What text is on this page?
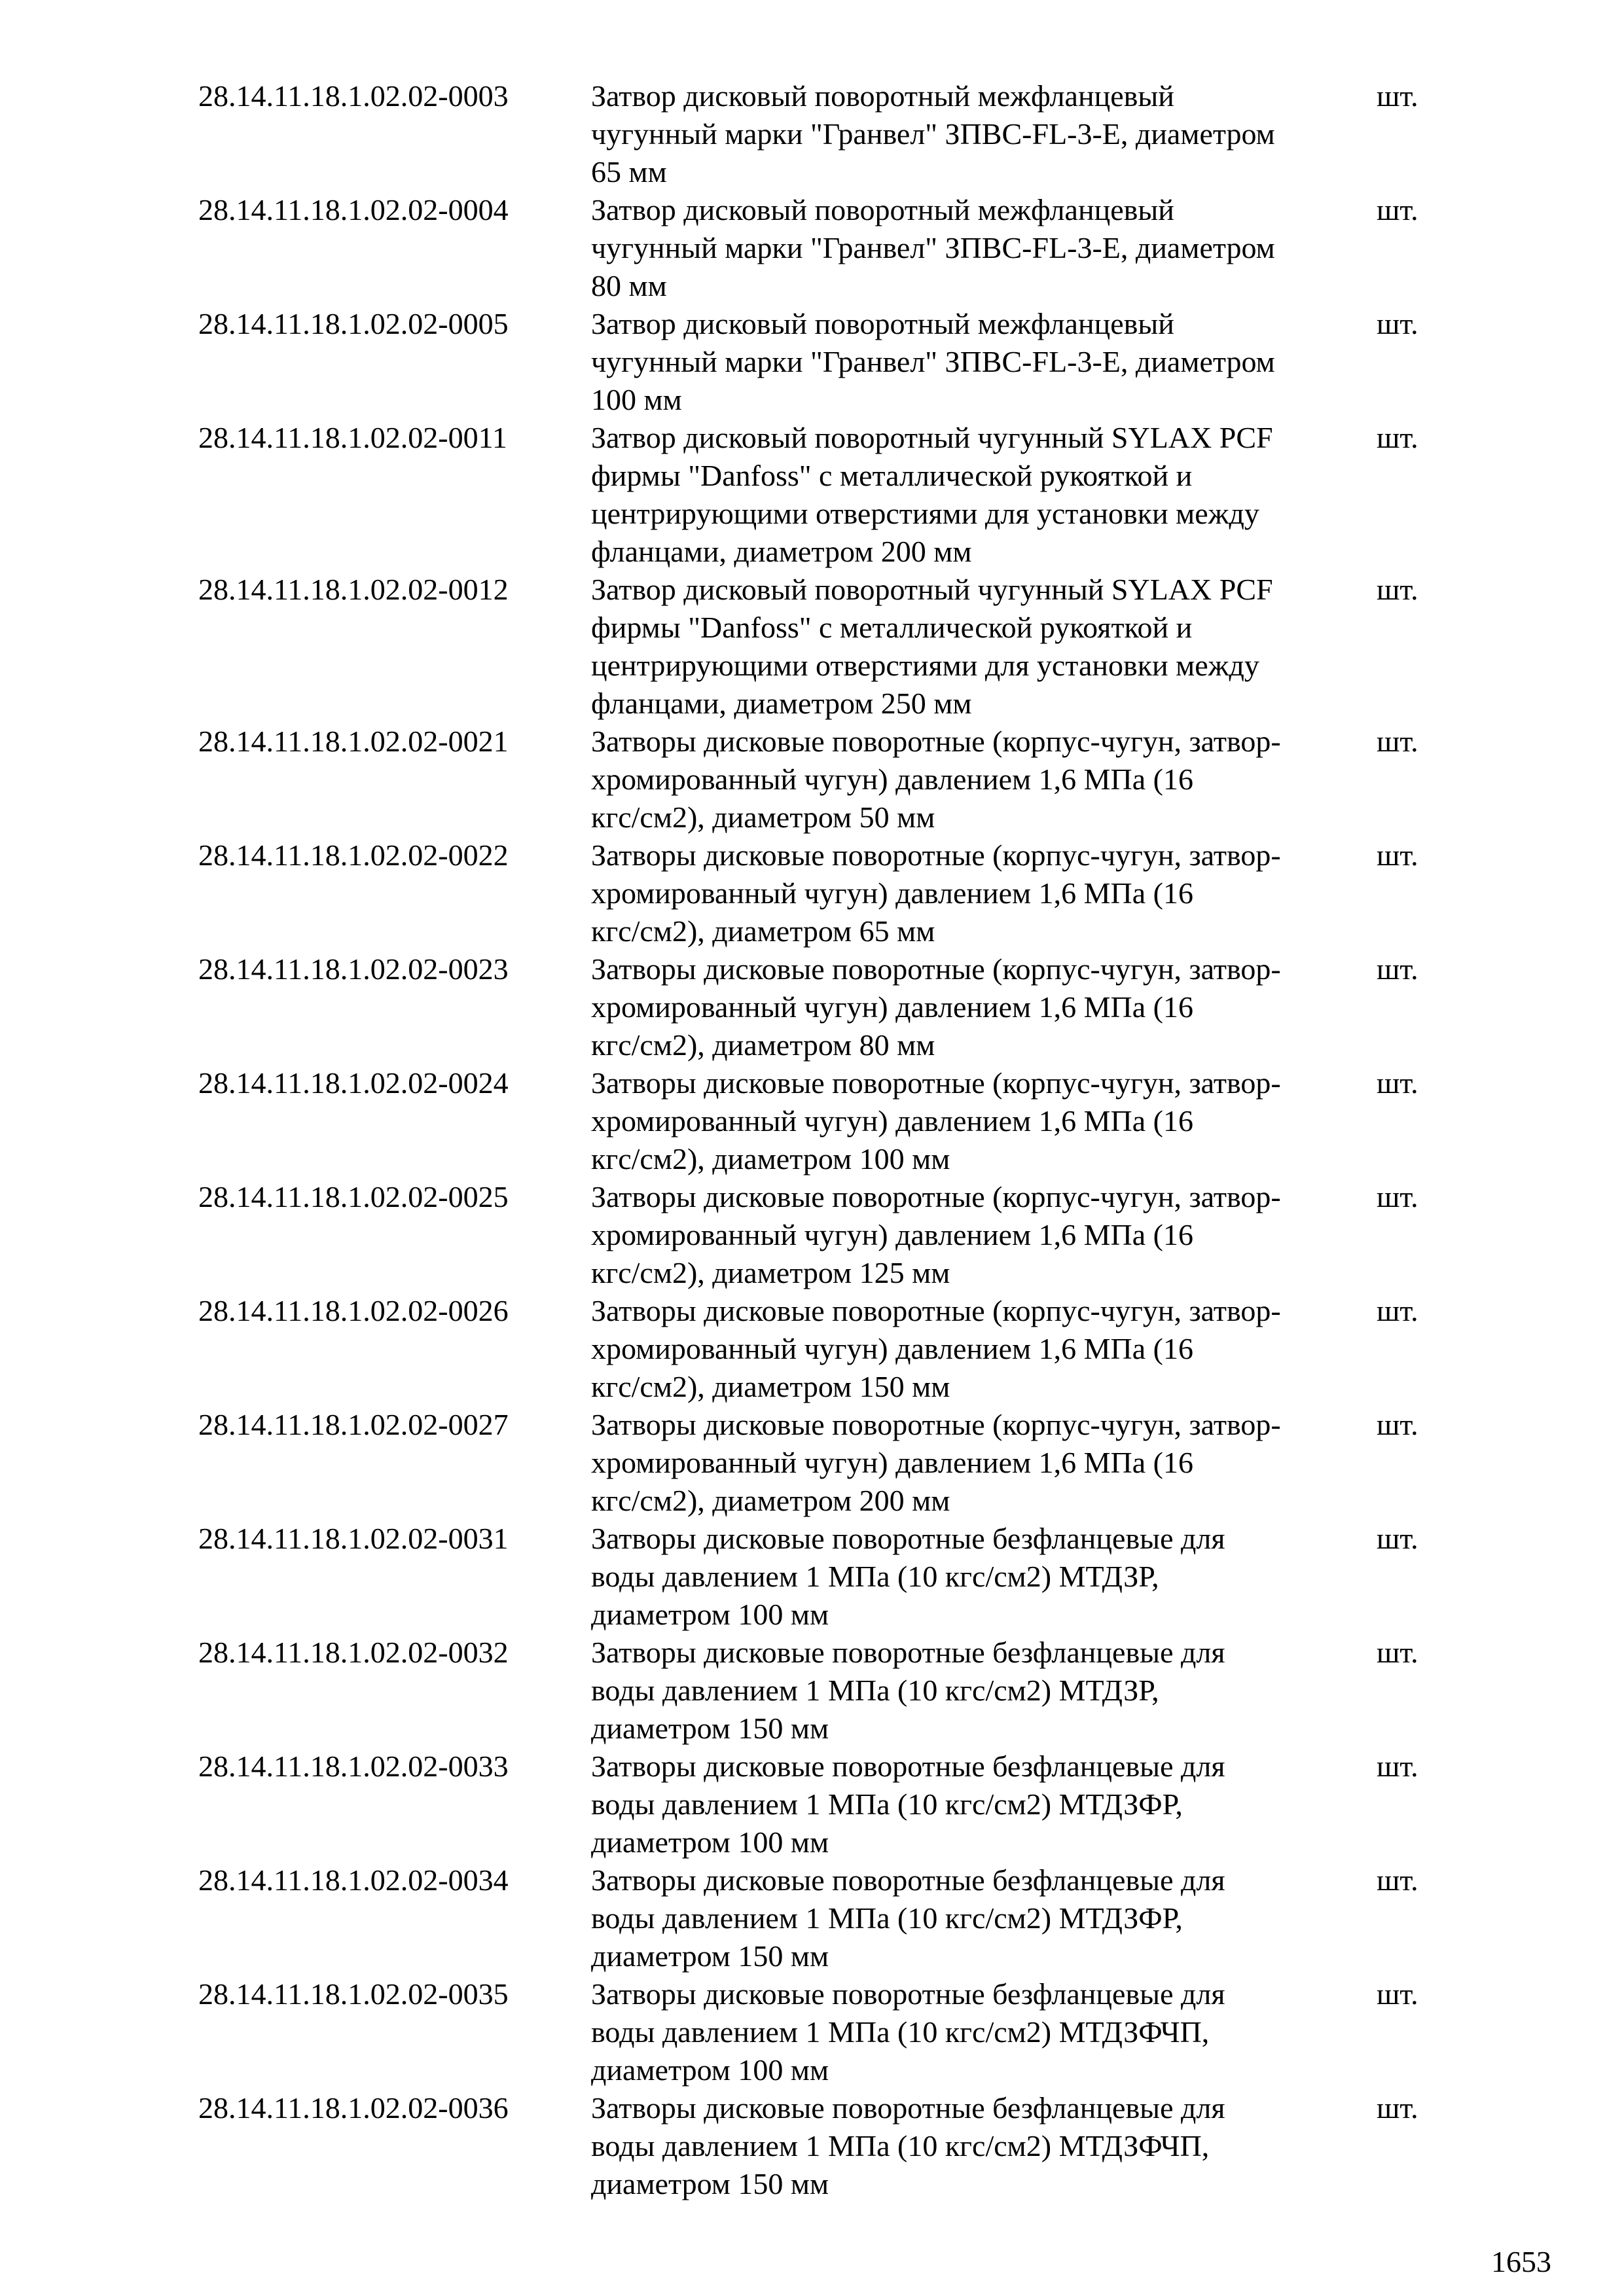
28.14.11.18.1.02.02-0003	Затвор дисковый поворотный межфланцевый
чугунный марки "Гранвел" ЗПВС-FL-3-E, диаметром
65 мм
шт.
28.14.11.18.1.02.02-0004	Затвор дисковый поворотный межфланцевый
чугунный марки "Гранвел" ЗПВС-FL-3-E, диаметром
80 мм
шт.
28.14.11.18.1.02.02-0005	Затвор дисковый поворотный межфланцевый
чугунный марки "Гранвел" ЗПВС-FL-3-E, диаметром
100 мм
шт.
28.14.11.18.1.02.02-0011	Затвор дисковый поворотный чугунный SYLAX PCF
фирмы "Danfoss" с металлической рукояткой и
центрирующими отверстиями для установки между
фланцами, диаметром 200 мм
шт.
28.14.11.18.1.02.02-0012	Затвор дисковый поворотный чугунный SYLAX PCF
фирмы "Danfoss" с металлической рукояткой и
центрирующими отверстиями для установки между
фланцами, диаметром 250 мм
шт.
28.14.11.18.1.02.02-0021	Затворы дисковые поворотные (корпус-чугун, затвор-
хромированный чугун) давлением 1,6 МПа (16
кгс/см2), диаметром 50 мм
шт.
28.14.11.18.1.02.02-0022	Затворы дисковые поворотные (корпус-чугун, затвор-
хромированный чугун) давлением 1,6 МПа (16
кгс/см2), диаметром 65 мм
шт.
28.14.11.18.1.02.02-0023	Затворы дисковые поворотные (корпус-чугун, затвор-
хромированный чугун) давлением 1,6 МПа (16
кгс/см2), диаметром 80 мм
шт.
28.14.11.18.1.02.02-0024	Затворы дисковые поворотные (корпус-чугун, затвор-
хромированный чугун) давлением 1,6 МПа (16
кгс/см2), диаметром 100 мм
шт.
28.14.11.18.1.02.02-0025	Затворы дисковые поворотные (корпус-чугун, затвор-
хромированный чугун) давлением 1,6 МПа (16
кгс/см2), диаметром 125 мм
шт.
28.14.11.18.1.02.02-0026	Затворы дисковые поворотные (корпус-чугун, затвор-
хромированный чугун) давлением 1,6 МПа (16
кгс/см2), диаметром 150 мм
шт.
28.14.11.18.1.02.02-0027	Затворы дисковые поворотные (корпус-чугун, затвор-
хромированный чугун) давлением 1,6 МПа (16
кгс/см2), диаметром 200 мм
шт.
28.14.11.18.1.02.02-0031	Затворы дисковые поворотные безфланцевые для
воды давлением 1 МПа (10 кгс/см2) МТДЗР,
диаметром 100 мм
шт.
28.14.11.18.1.02.02-0032	Затворы дисковые поворотные безфланцевые для
воды давлением 1 МПа (10 кгс/см2) МТДЗР,
диаметром 150 мм
шт.
28.14.11.18.1.02.02-0033	Затворы дисковые поворотные безфланцевые для
воды давлением 1 МПа (10 кгс/см2) МТДЗФР,
диаметром 100 мм
шт.
28.14.11.18.1.02.02-0034	Затворы дисковые поворотные безфланцевые для
воды давлением 1 МПа (10 кгс/см2) МТДЗФР,
диаметром 150 мм
шт.
28.14.11.18.1.02.02-0035	Затворы дисковые поворотные безфланцевые для
воды давлением 1 МПа (10 кгс/см2) МТДЗФЧП,
диаметром 100 мм
шт.
28.14.11.18.1.02.02-0036	Затворы дисковые поворотные безфланцевые для
воды давлением 1 МПа (10 кгс/см2) МТДЗФЧП,
диаметром 150 мм
шт.
1653
